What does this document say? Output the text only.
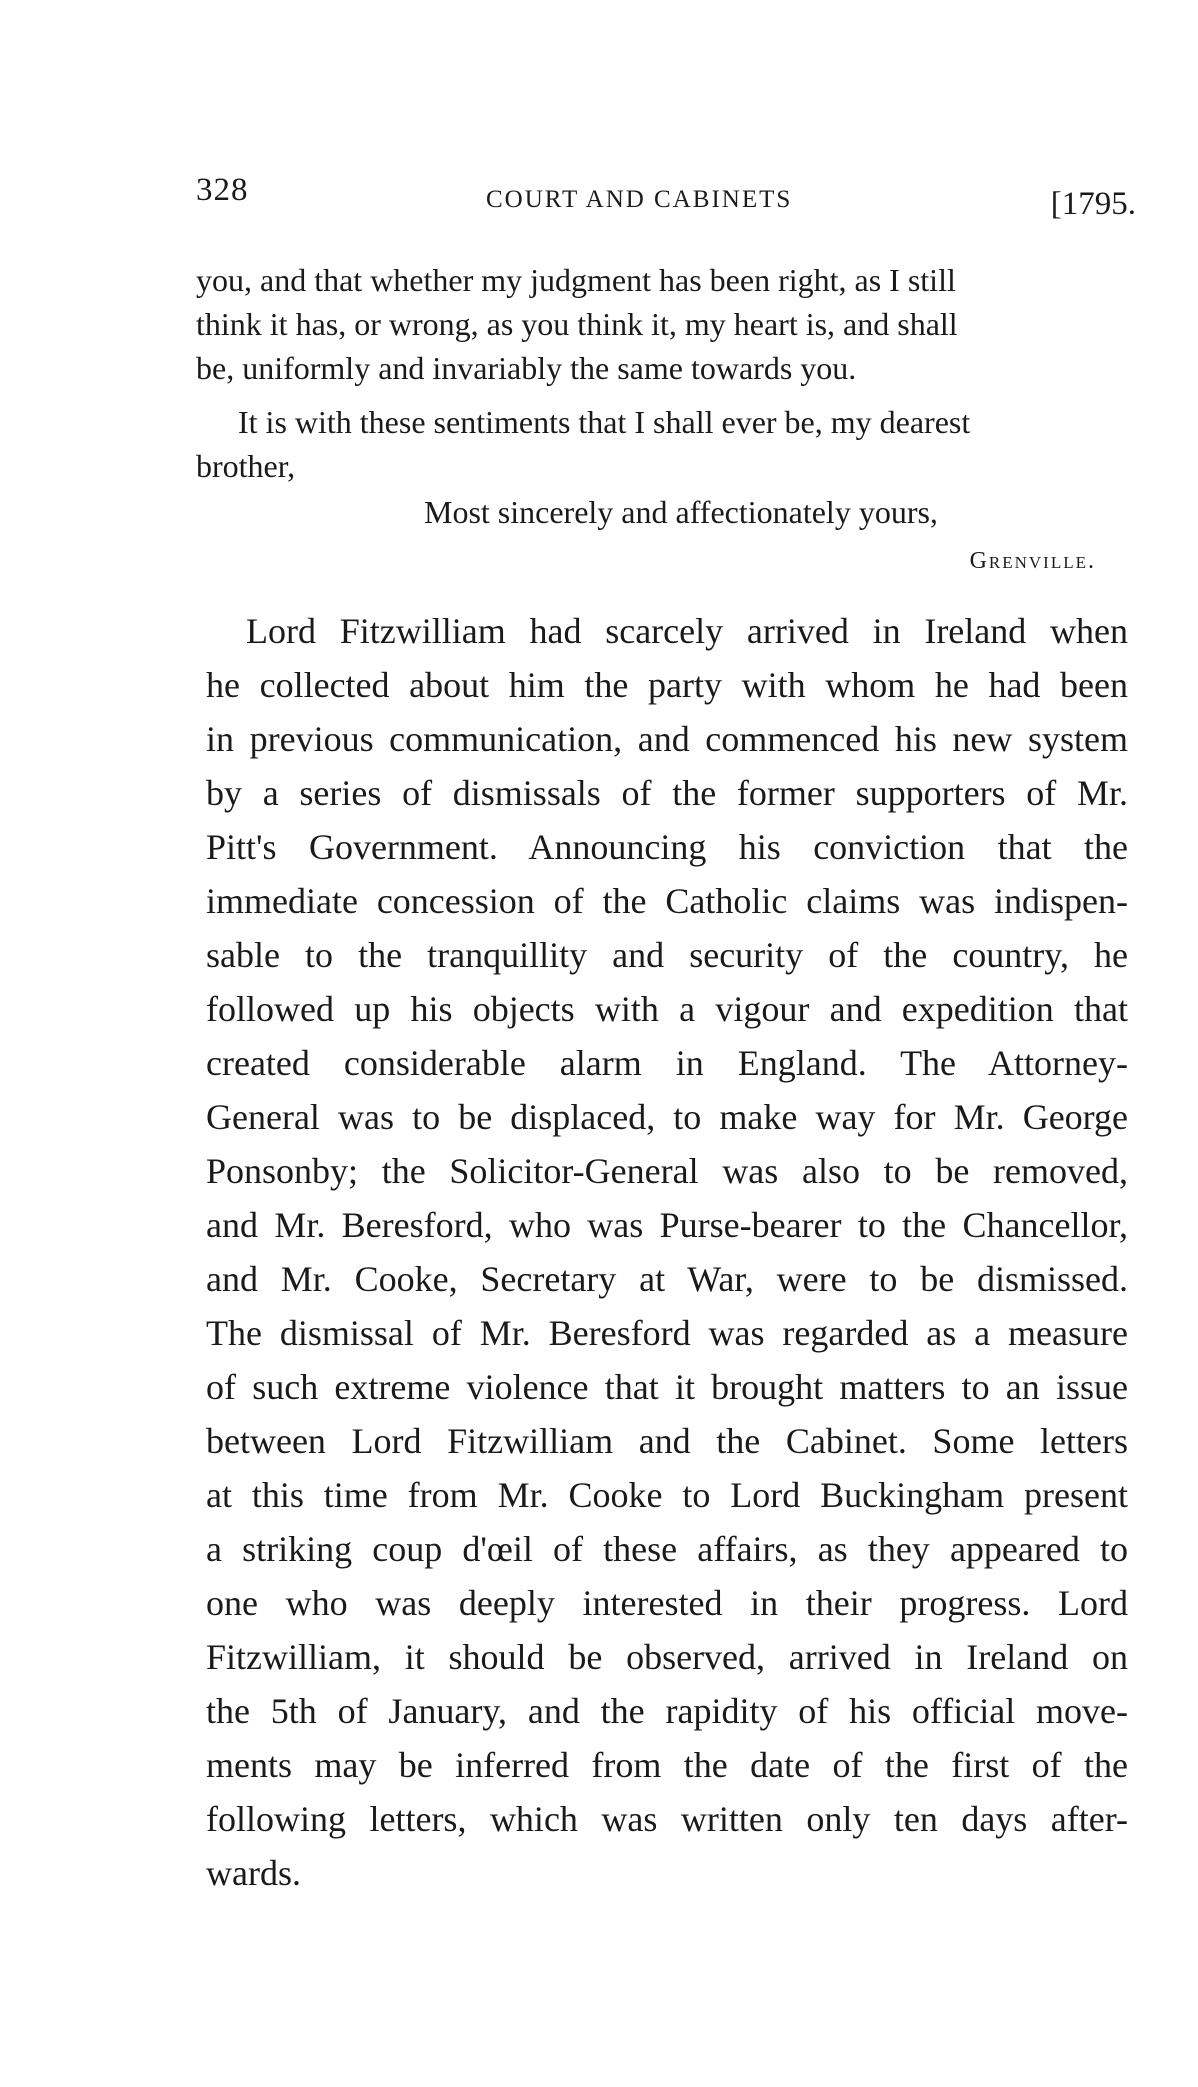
328	COURT AND CABINETS	[1795.
you, and that whether my judgment has been right, as I still
think it has, or wrong, as you think it, my heart is, and shall
be, uniformly and invariably the same towards you.
It is with these sentiments that I shall ever be, my dearest
brother,
Most sincerely and affectionately yours,
Grenville.
Lord Fitzwilliam had scarcely arrived in Ireland when
he collected about him the party with whom he had been
in previous communication, and commenced his new system
by a series of dismissals of the former supporters of Mr.
Pitt's Government. Announcing his conviction that the
immediate concession of the Catholic claims was indispen-
sable to the tranquillity and security of the country, he
followed up his objects with a vigour and expedition that
created considerable alarm in England. The Attorney-
General was to be displaced, to make way for Mr. George
Ponsonby; the Solicitor-General was also to be removed,
and Mr. Beresford, who was Purse-bearer to the Chancellor,
and Mr. Cooke, Secretary at War, were to be dismissed.
The dismissal of Mr. Beresford was regarded as a measure
of such extreme violence that it brought matters to an issue
between Lord Fitzwilliam and the Cabinet. Some letters
at this time from Mr. Cooke to Lord Buckingham present
a striking coup d'œil of these affairs, as they appeared to
one who was deeply interested in their progress. Lord
Fitzwilliam, it should be observed, arrived in Ireland on
the 5th of January, and the rapidity of his official move-
ments may be inferred from the date of the first of the
following letters, which was written only ten days after-
wards.
